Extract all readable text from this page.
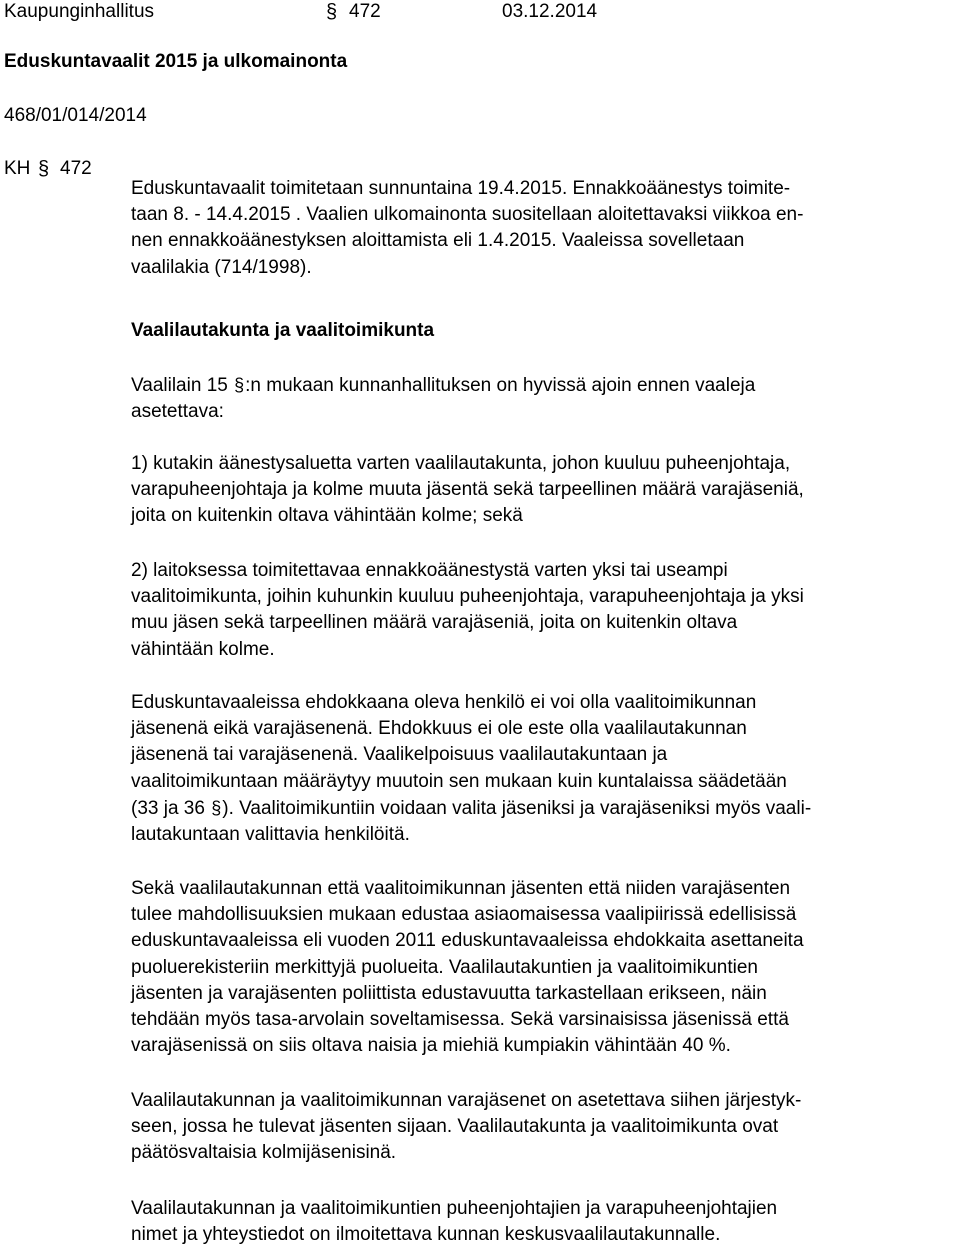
Kaupunginhallitus	§ 472	03.12.2014
Eduskuntavaalit 2015 ja ulkomainonta
468/01/014/2014
KH § 472

Eduskuntavaalit toimitetaan sunnuntaina 19.4.2015. Ennakkoäänestys toimite-
taan 8. - 14.4.2015 . Vaalien ulkomainonta suositellaan aloitettavaksi viikkoa en-
nen ennakkoäänestyksen aloittamista eli 1.4.2015. Vaaleissa sovelletaan
vaalilakia (714/1998).

Vaalilautakunta ja vaalitoimikunta

Vaalilain 15 §:n mukaan kunnanhallituksen on hyvissä ajoin ennen vaaleja
asetettava:

1) kutakin äänestysaluetta varten vaalilautakunta, johon kuuluu puheenjohtaja,
varapuheenjohtaja ja kolme muuta jäsentä sekä tarpeellinen määrä varajäseniä,
joita on kuitenkin oltava vähintään kolme; sekä

2) laitoksessa toimitettavaa ennakkoäänestystä varten yksi tai useampi
vaalitoimikunta, joihin kuhunkin kuuluu puheenjohtaja, varapuheenjohtaja ja yksi
muu jäsen sekä tarpeellinen määrä varajäseniä, joita on kuitenkin oltava
vähintään kolme.

Eduskuntavaaleissa ehdokkaana oleva henkilö ei voi olla vaalitoimikunnan
jäsenenä eikä varajäsenenä. Ehdokkuus ei ole este olla vaalilautakunnan
jäsenenä tai varajäsenenä. Vaalikelpoisuus vaalilautakuntaan ja
vaalitoimikuntaan määräytyy muutoin sen mukaan kuin kuntalaissa säädetään
(33 ja 36 §). Vaalitoimikuntiin voidaan valita jäseniksi ja varajäseniksi myös vaali-
lautakuntaan valittavia henkilöitä.

Sekä vaalilautakunnan että vaalitoimikunnan jäsenten että niiden varajäsenten
tulee mahdollisuuksien mukaan edustaa asiaomaisessa vaalipiirissä edellisissä
eduskuntavaaleissa eli vuoden 2011 eduskuntavaaleissa ehdokkaita asettaneita
puoluerekisteriin merkittyjä puolueita. Vaalilautakuntien ja vaalitoimikuntien
jäsenten ja varajäsenten poliittista edustavuutta tarkastellaan erikseen, näin
tehdään myös tasa-arvolain soveltamisessa. Sekä varsinaisissa jäsenissä että
varajäsenissä on siis oltava naisia ja miehiä kumpiakin vähintään 40 %.

Vaalilautakunnan ja vaalitoimikunnan varajäsenet on asetettava siihen järjestyk-
seen, jossa he tulevat jäsenten sijaan. Vaalilautakunta ja vaalitoimikunta ovat
päätösvaltaisia kolmijäsenisinä.

Vaalilautakunnan ja vaalitoimikuntien puheenjohtajien ja varapuheenjohtajien
nimet ja yhteystiedot on ilmoitettava kunnan keskusvaalilautakunnalle.
